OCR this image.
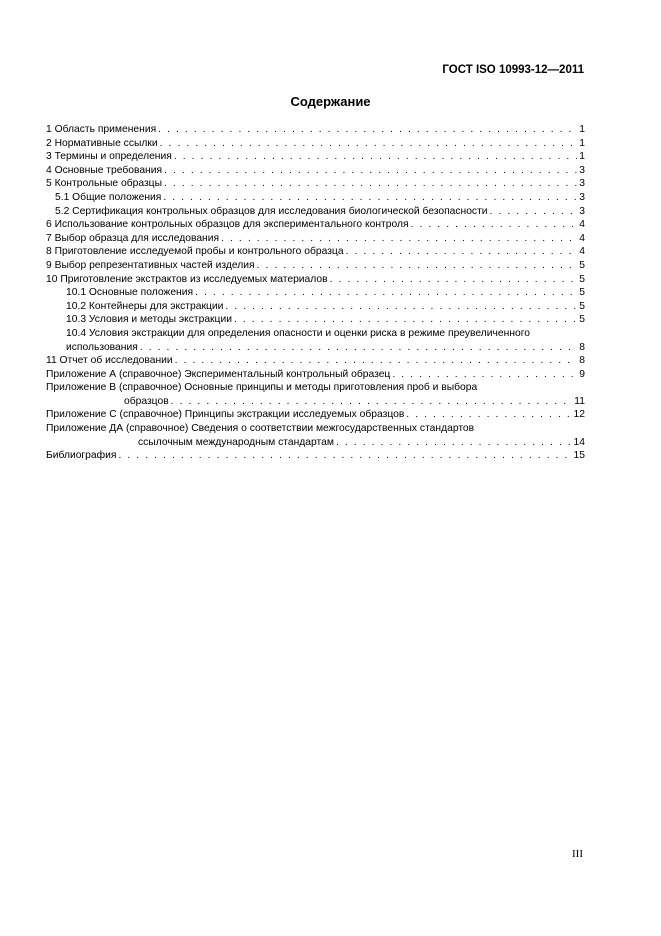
ГОСТ ISO 10993-12—2011
Содержание
1 Область применения . . .	1
2 Нормативные ссылки . . .	1
3 Термины и определения . . .	1
4 Основные требования . . .	3
5 Контрольные образцы . . .	3
5.1 Общие положения . . .	3
5.2 Сертификация контрольных образцов для исследования биологической безопасности . . .	3
6 Использование контрольных образцов для экспериментального контроля . . .	4
7 Выбор образца для исследования . . .	4
8 Приготовление исследуемой пробы и контрольного образца . . .	4
9 Выбор репрезентативных частей изделия . . .	5
10 Приготовление экстрактов из исследуемых материалов . . .	5
10.1 Основные положения . . .	5
10.2 Контейнеры для экстракции . . .	5
10.3 Условия и методы экстракции . . .	5
10.4 Условия экстракции для определения опасности и оценки риска в режиме преувеличенного
использования . . .	8
11 Отчет об исследовании . . .	8
Приложение А (справочное) Экспериментальный контрольный образец . . .	9
Приложение В (справочное) Основные принципы и методы приготовления проб и выбора
образцов . . .	11
Приложение С (справочное) Принципы экстракции исследуемых образцов . . .	12
Приложение ДА (справочное) Сведения о соответствии межгосударственных стандартов
ссылочным международным стандартам . . .	14
Библиография . . .	15
III
